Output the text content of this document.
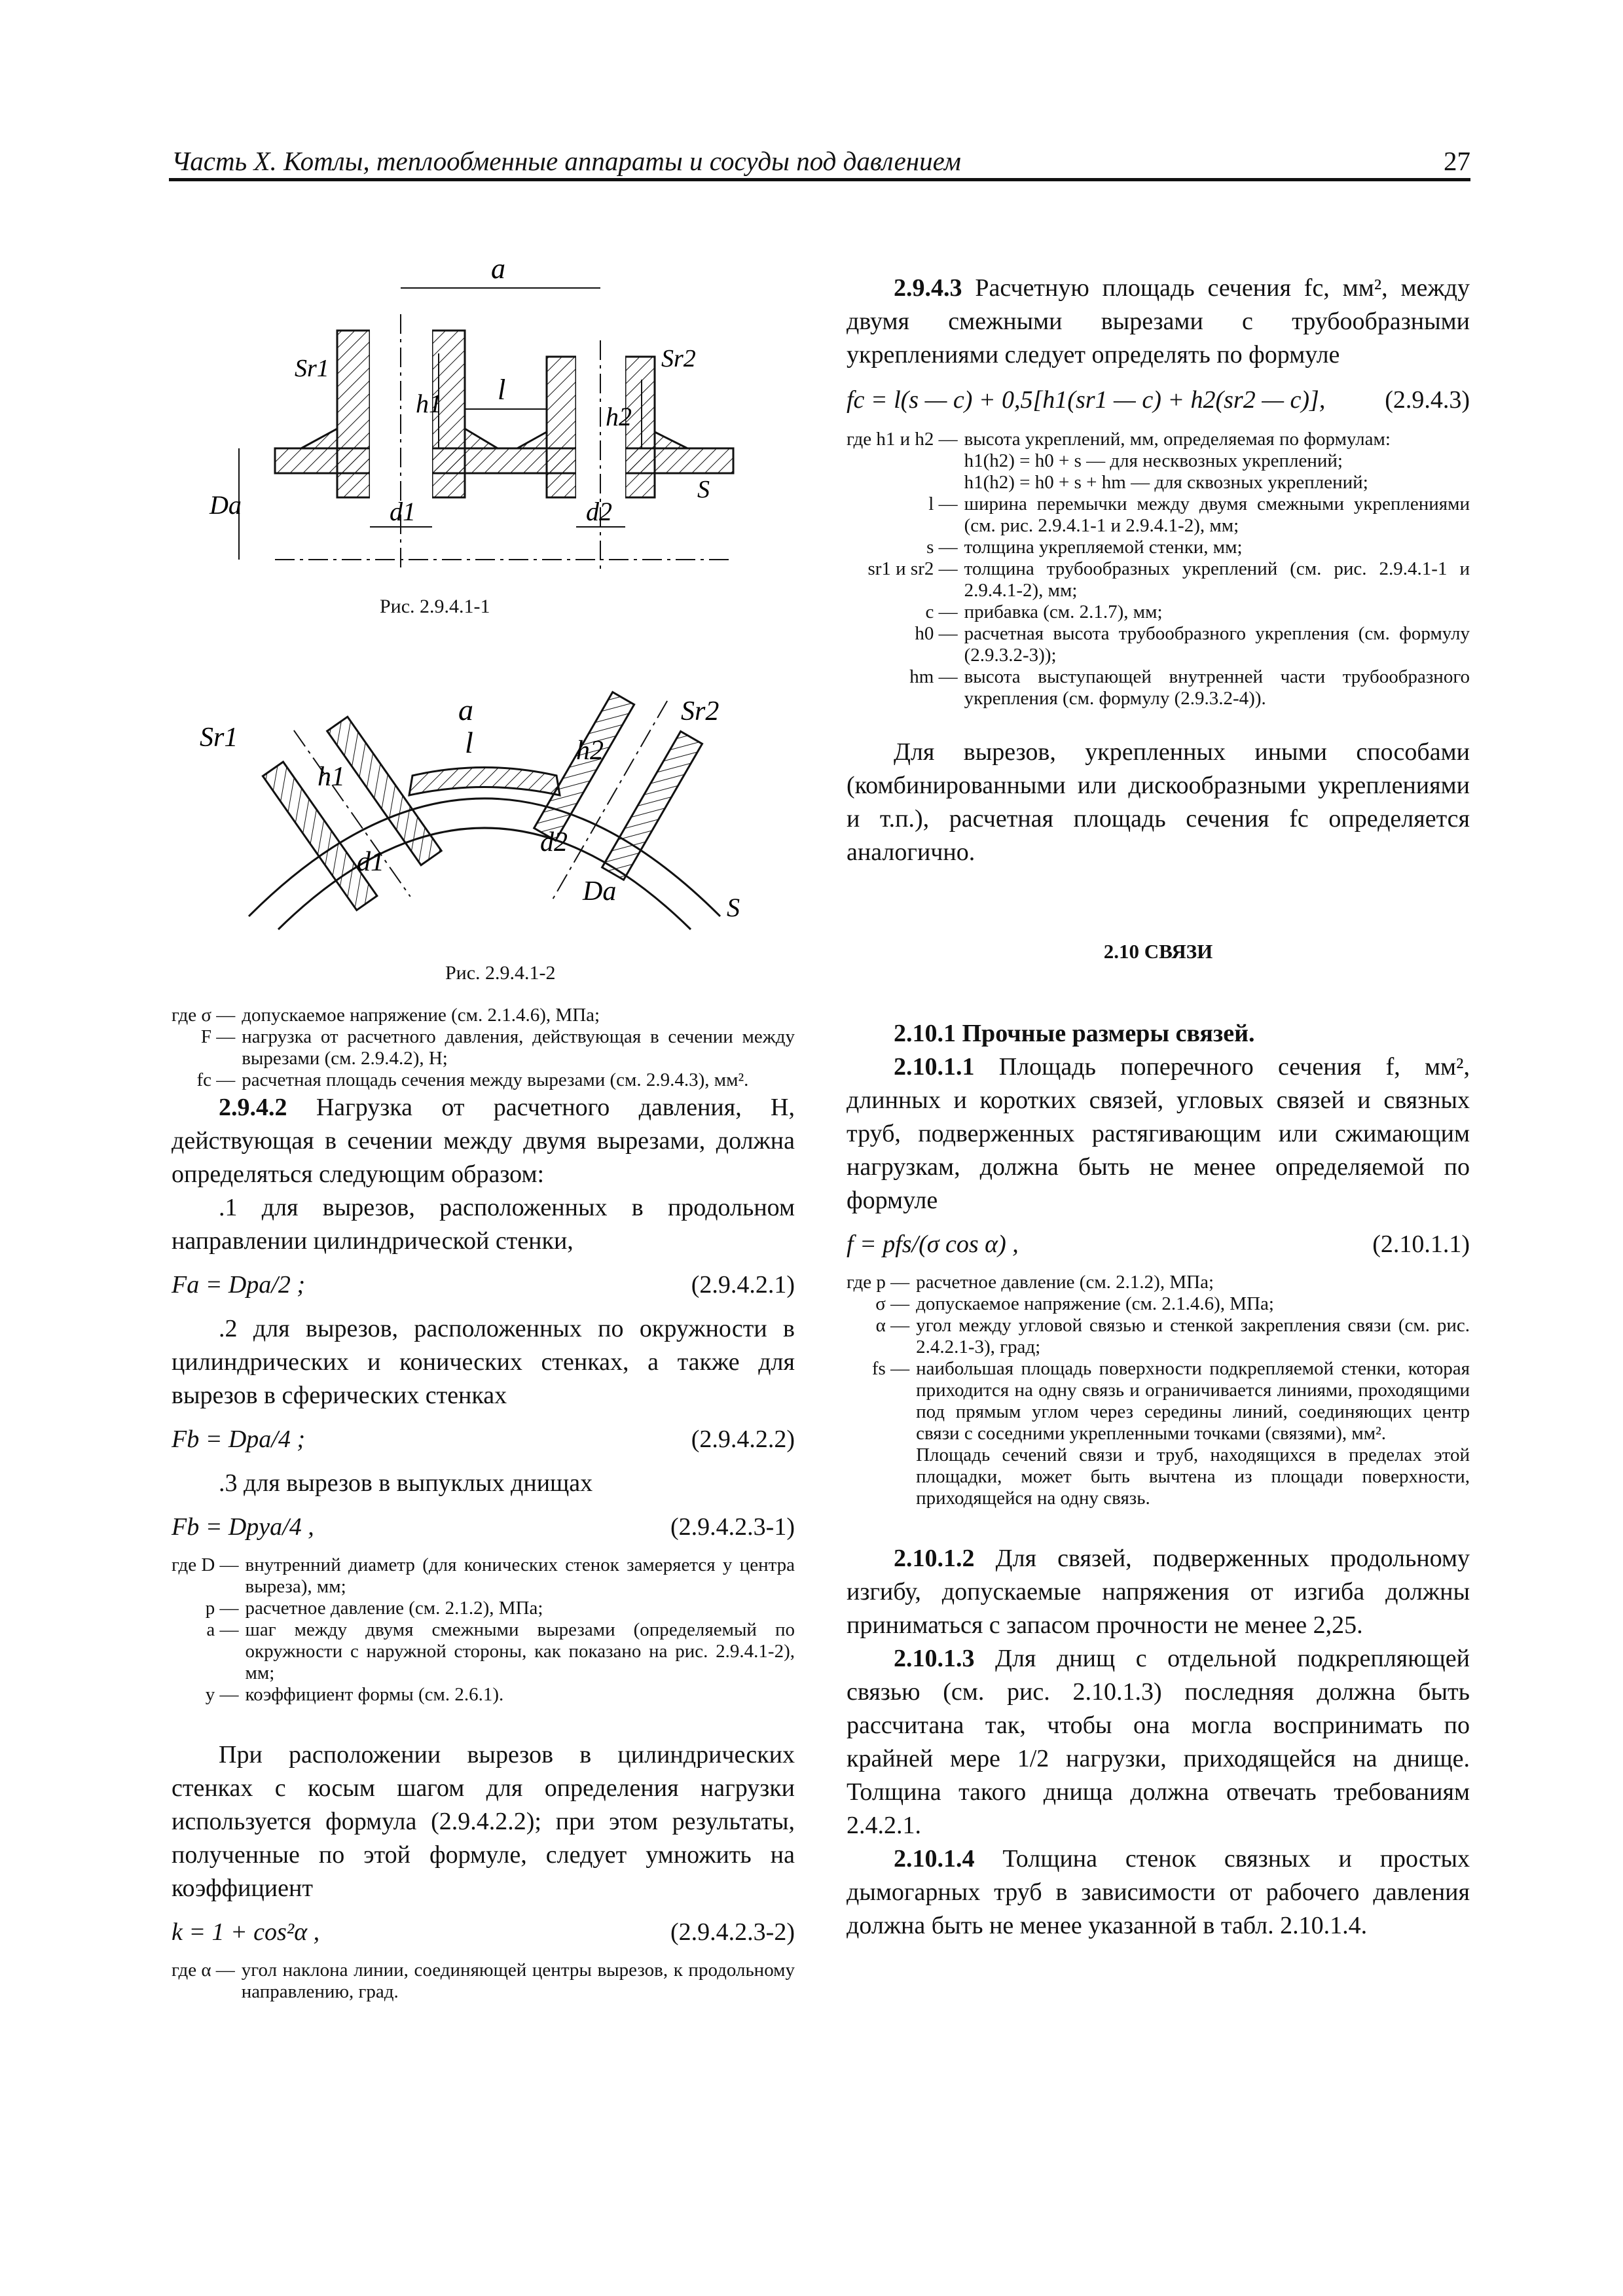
Часть X. Котлы, теплообменные аппараты и сосуды под давлением	27
a
l
Sr1	Sr2
h1	h2
d1	d2
Da
S
Рис. 2.9.4.1-1
a
l
Sr1
Sr2
h1
h2
d1
d2
Da
S
Рис. 2.9.4.1-2
где σ — допускаемое напряжение (см. 2.1.4.6), МПа;
F — нагрузка от расчетного давления, действующая в сечении между вырезами (см. 2.9.4.2), Н;
fc — расчетная площадь сечения между вырезами (см. 2.9.4.3), мм².

2.9.4.2 Нагрузка от расчетного давления, Н, действующая в сечении между двумя вырезами, должна определяться следующим образом:

.1 для вырезов, расположенных в продольном направлении цилиндрической стенки,

Fa = Dpa/2 ;	(2.9.4.2.1)

.2 для вырезов, расположенных по окружности в цилиндрических и конических стенках, а также для вырезов в сферических стенках

Fb = Dpa/4 ;	(2.9.4.2.2)

.3 для вырезов в выпуклых днищах

Fb = Dpya/4 ,	(2.9.4.2.3-1)
где D — внутренний диаметр (для конических стенок замеряется у центра выреза), мм;
p — расчетное давление (см. 2.1.2), МПа;
a — шаг между двумя смежными вырезами (определяемый по окружности с наружной стороны, как показано на рис. 2.9.4.1-2), мм;
y — коэффициент формы (см. 2.6.1).

При расположении вырезов в цилиндрических стенках с косым шагом для определения нагрузки используется формула (2.9.4.2.2); при этом результаты, полученные по этой формуле, следует умножить на коэффициент

k = 1 + cos²α ,	(2.9.4.2.3-2)
где α — угол наклона линии, соединяющей центры вырезов, к продольному направлению, град.

2.9.4.3 Расчетную площадь сечения fc, мм², между двумя смежными вырезами с трубообразными укреплениями следует определять по формуле

fc = l(s — c) + 0,5[h1(sr1 — c) + h2(sr2 — c)], (2.9.4.3)
где h1 и h2 — высота укреплений, мм, определяемая по формулам:
h1(h2) = h0 + s — для несквозных укреплений;
h1(h2) = h0 + s + hm — для сквозных укреплений;
l — ширина перемычки между двумя смежными укреплениями (см. рис. 2.9.4.1-1 и 2.9.4.1-2), мм;
s — толщина укрепляемой стенки, мм;
sr1 и sr2 — толщина трубообразных укреплений (см. рис. 2.9.4.1-1 и 2.9.4.1-2), мм;
c — прибавка (см. 2.1.7), мм;
h0 — расчетная высота трубообразного укрепления (см. формулу (2.9.3.2-3));
hm — высота выступающей внутренней части трубообразного укрепления (см. формулу (2.9.3.2-4)).

Для вырезов, укрепленных иными способами (комбинированными или дискообразными укреплениями и т.п.), расчетная площадь сечения fc определяется аналогично.

2.10 СВЯЗИ

2.10.1 Прочные размеры связей.

2.10.1.1 Площадь поперечного сечения f, мм², длинных и коротких связей, угловых связей и связных труб, подверженных растягивающим или сжимающим нагрузкам, должна быть не менее определяемой по формуле

f = pfs/(σ cos α) ,	(2.10.1.1)
где p — расчетное давление (см. 2.1.2), МПа;
σ — допускаемое напряжение (см. 2.1.4.6), МПа;
α — угол между угловой связью и стенкой закрепления связи (см. рис. 2.4.2.1-3), град;
fs — наибольшая площадь поверхности подкрепляемой стенки, которая приходится на одну связь и ограничивается линиями, проходящими под прямым углом через середины линий, соединяющих центр связи с соседними укрепленными точками (связями), мм².
Площадь сечений связи и труб, находящихся в пределах этой площадки, может быть вычтена из площади поверхности, приходящейся на одну связь.

2.10.1.2 Для связей, подверженных продольному изгибу, допускаемые напряжения от изгиба должны приниматься с запасом прочности не менее 2,25.

2.10.1.3 Для днищ с отдельной подкрепляющей связью (см. рис. 2.10.1.3) последняя должна быть рассчитана так, чтобы она могла воспринимать по крайней мере 1/2 нагрузки, приходящейся на днище. Толщина такого днища должна отвечать требованиям 2.4.2.1.

2.10.1.4 Толщина стенок связных и простых дымогарных труб в зависимости от рабочего давления должна быть не менее указанной в табл. 2.10.1.4.
